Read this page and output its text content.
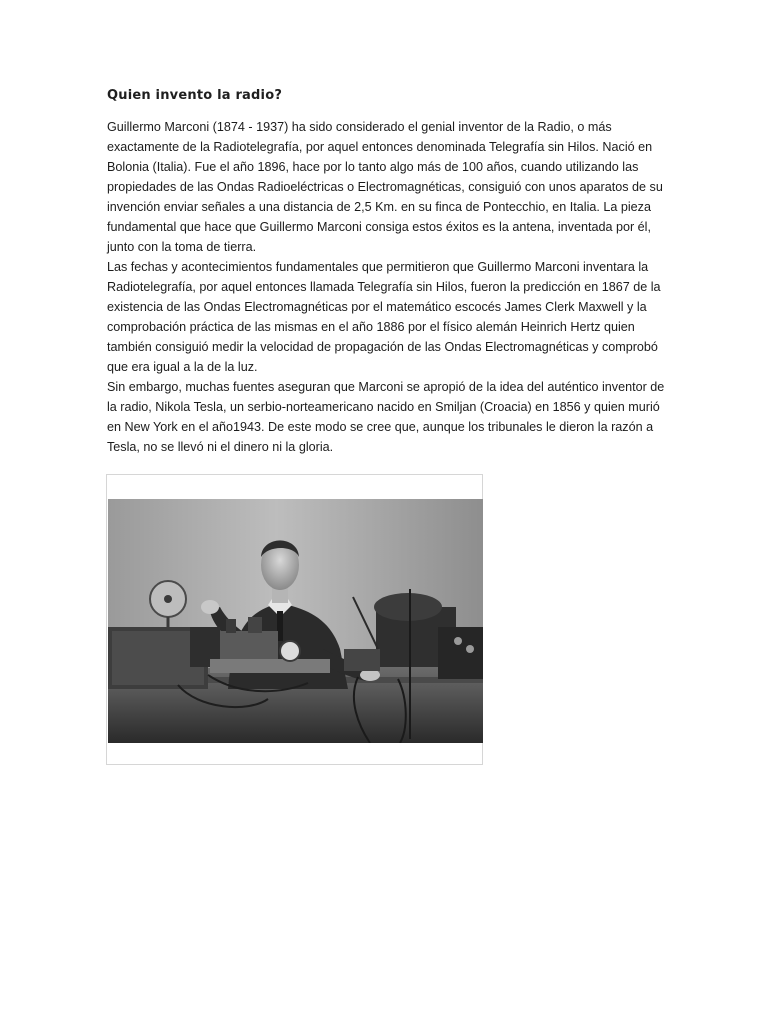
Quien invento la radio?

Guillermo Marconi (1874 - 1937) ha sido considerado el genial inventor de la Radio, o más exactamente de la Radiotelegrafía, por aquel entonces denominada Telegrafía sin Hilos. Nació en Bolonia (Italia). Fue el año 1896, hace por lo tanto algo más de 100 años, cuando utilizando las propiedades de las Ondas Radioeléctricas o Electromagnéticas, consiguió con unos aparatos de su invención enviar señales a una distancia de 2,5 Km. en su finca de Pontecchio, en Italia. La pieza fundamental que hace que Guillermo Marconi consiga estos éxitos es la antena, inventada por él, junto con la toma de tierra.

Las fechas y acontecimientos fundamentales que permitieron que Guillermo Marconi inventara la Radiotelegrafía, por aquel entonces llamada Telegrafía sin Hilos, fueron la predicción en 1867 de la existencia de las Ondas Electromagnéticas por el matemático escocés James Clerk Maxwell y la comprobación práctica de las mismas en el año 1886 por el físico alemán Heinrich Hertz quien también consiguió medir la velocidad de propagación de las Ondas Electromagnéticas y comprobó que era igual a la de la luz.

Sin embargo, muchas fuentes aseguran que Marconi se apropió de la idea del auténtico inventor de la radio, Nikola Tesla, un serbio-norteamericano nacido en Smiljan (Croacia) en 1856 y quien murió en New York en el año1943. De este modo se cree que, aunque los tribunales le dieron la razón a Tesla, no se llevó ni el dinero ni la gloria.
